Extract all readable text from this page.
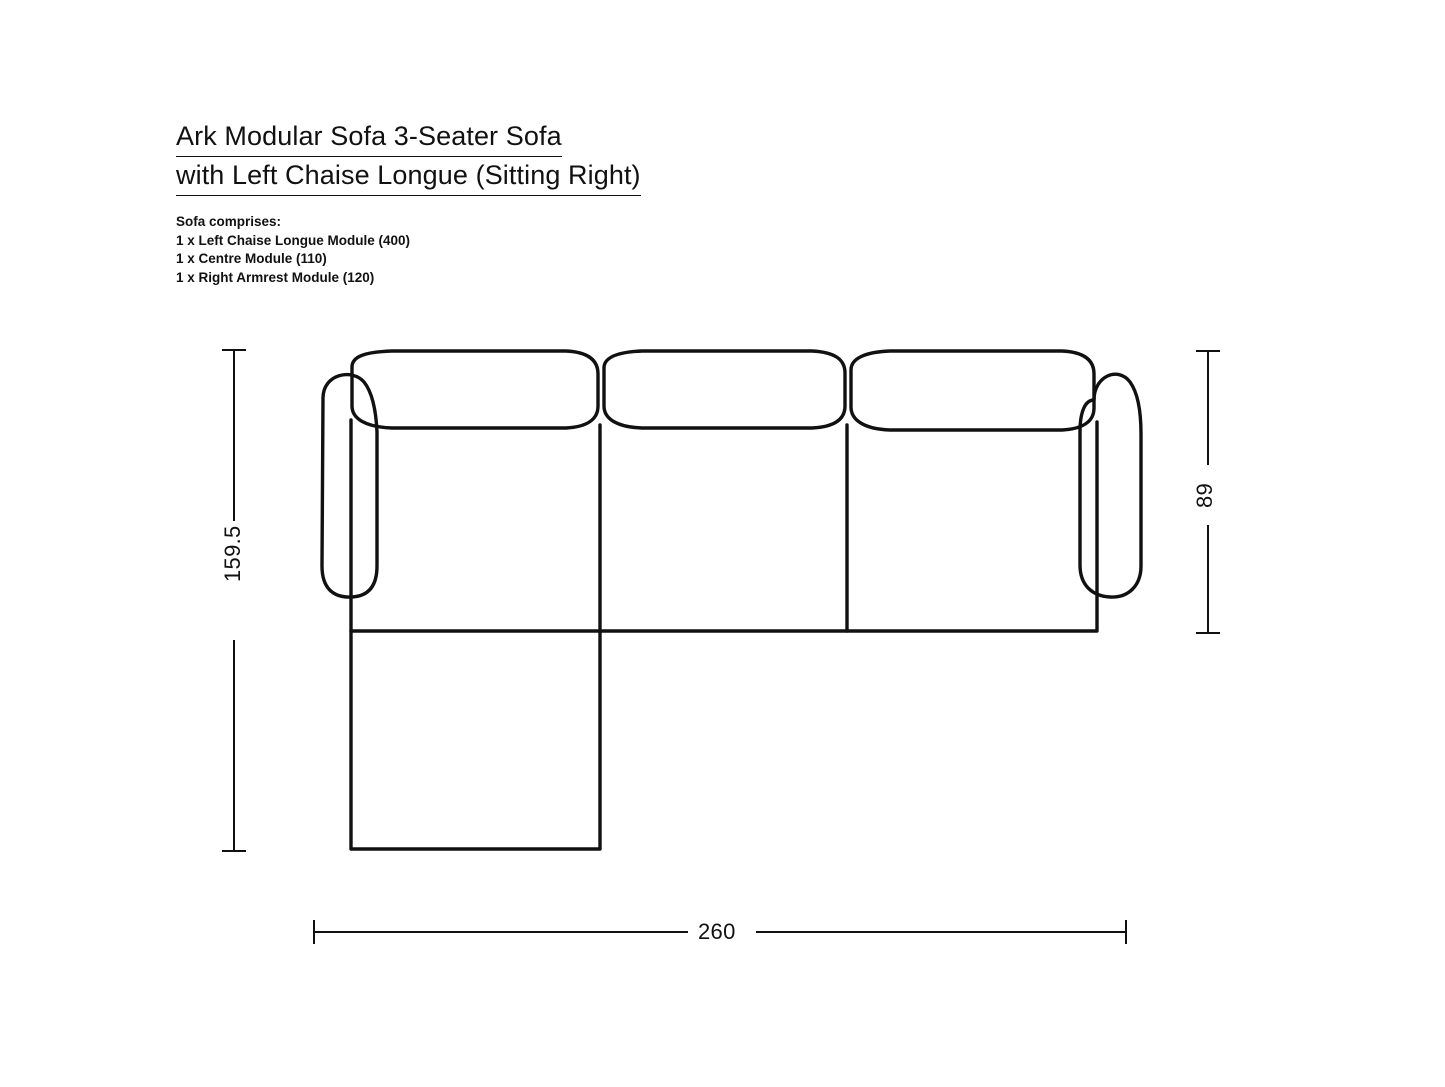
Ark Modular Sofa 3-Seater Sofa
with Left Chaise Longue (Sitting Right)
Sofa comprises:
1 x Left Chaise Longue Module (400)
1 x Centre Module (110)
1 x Right Armrest Module (120)
159.5
89
260
